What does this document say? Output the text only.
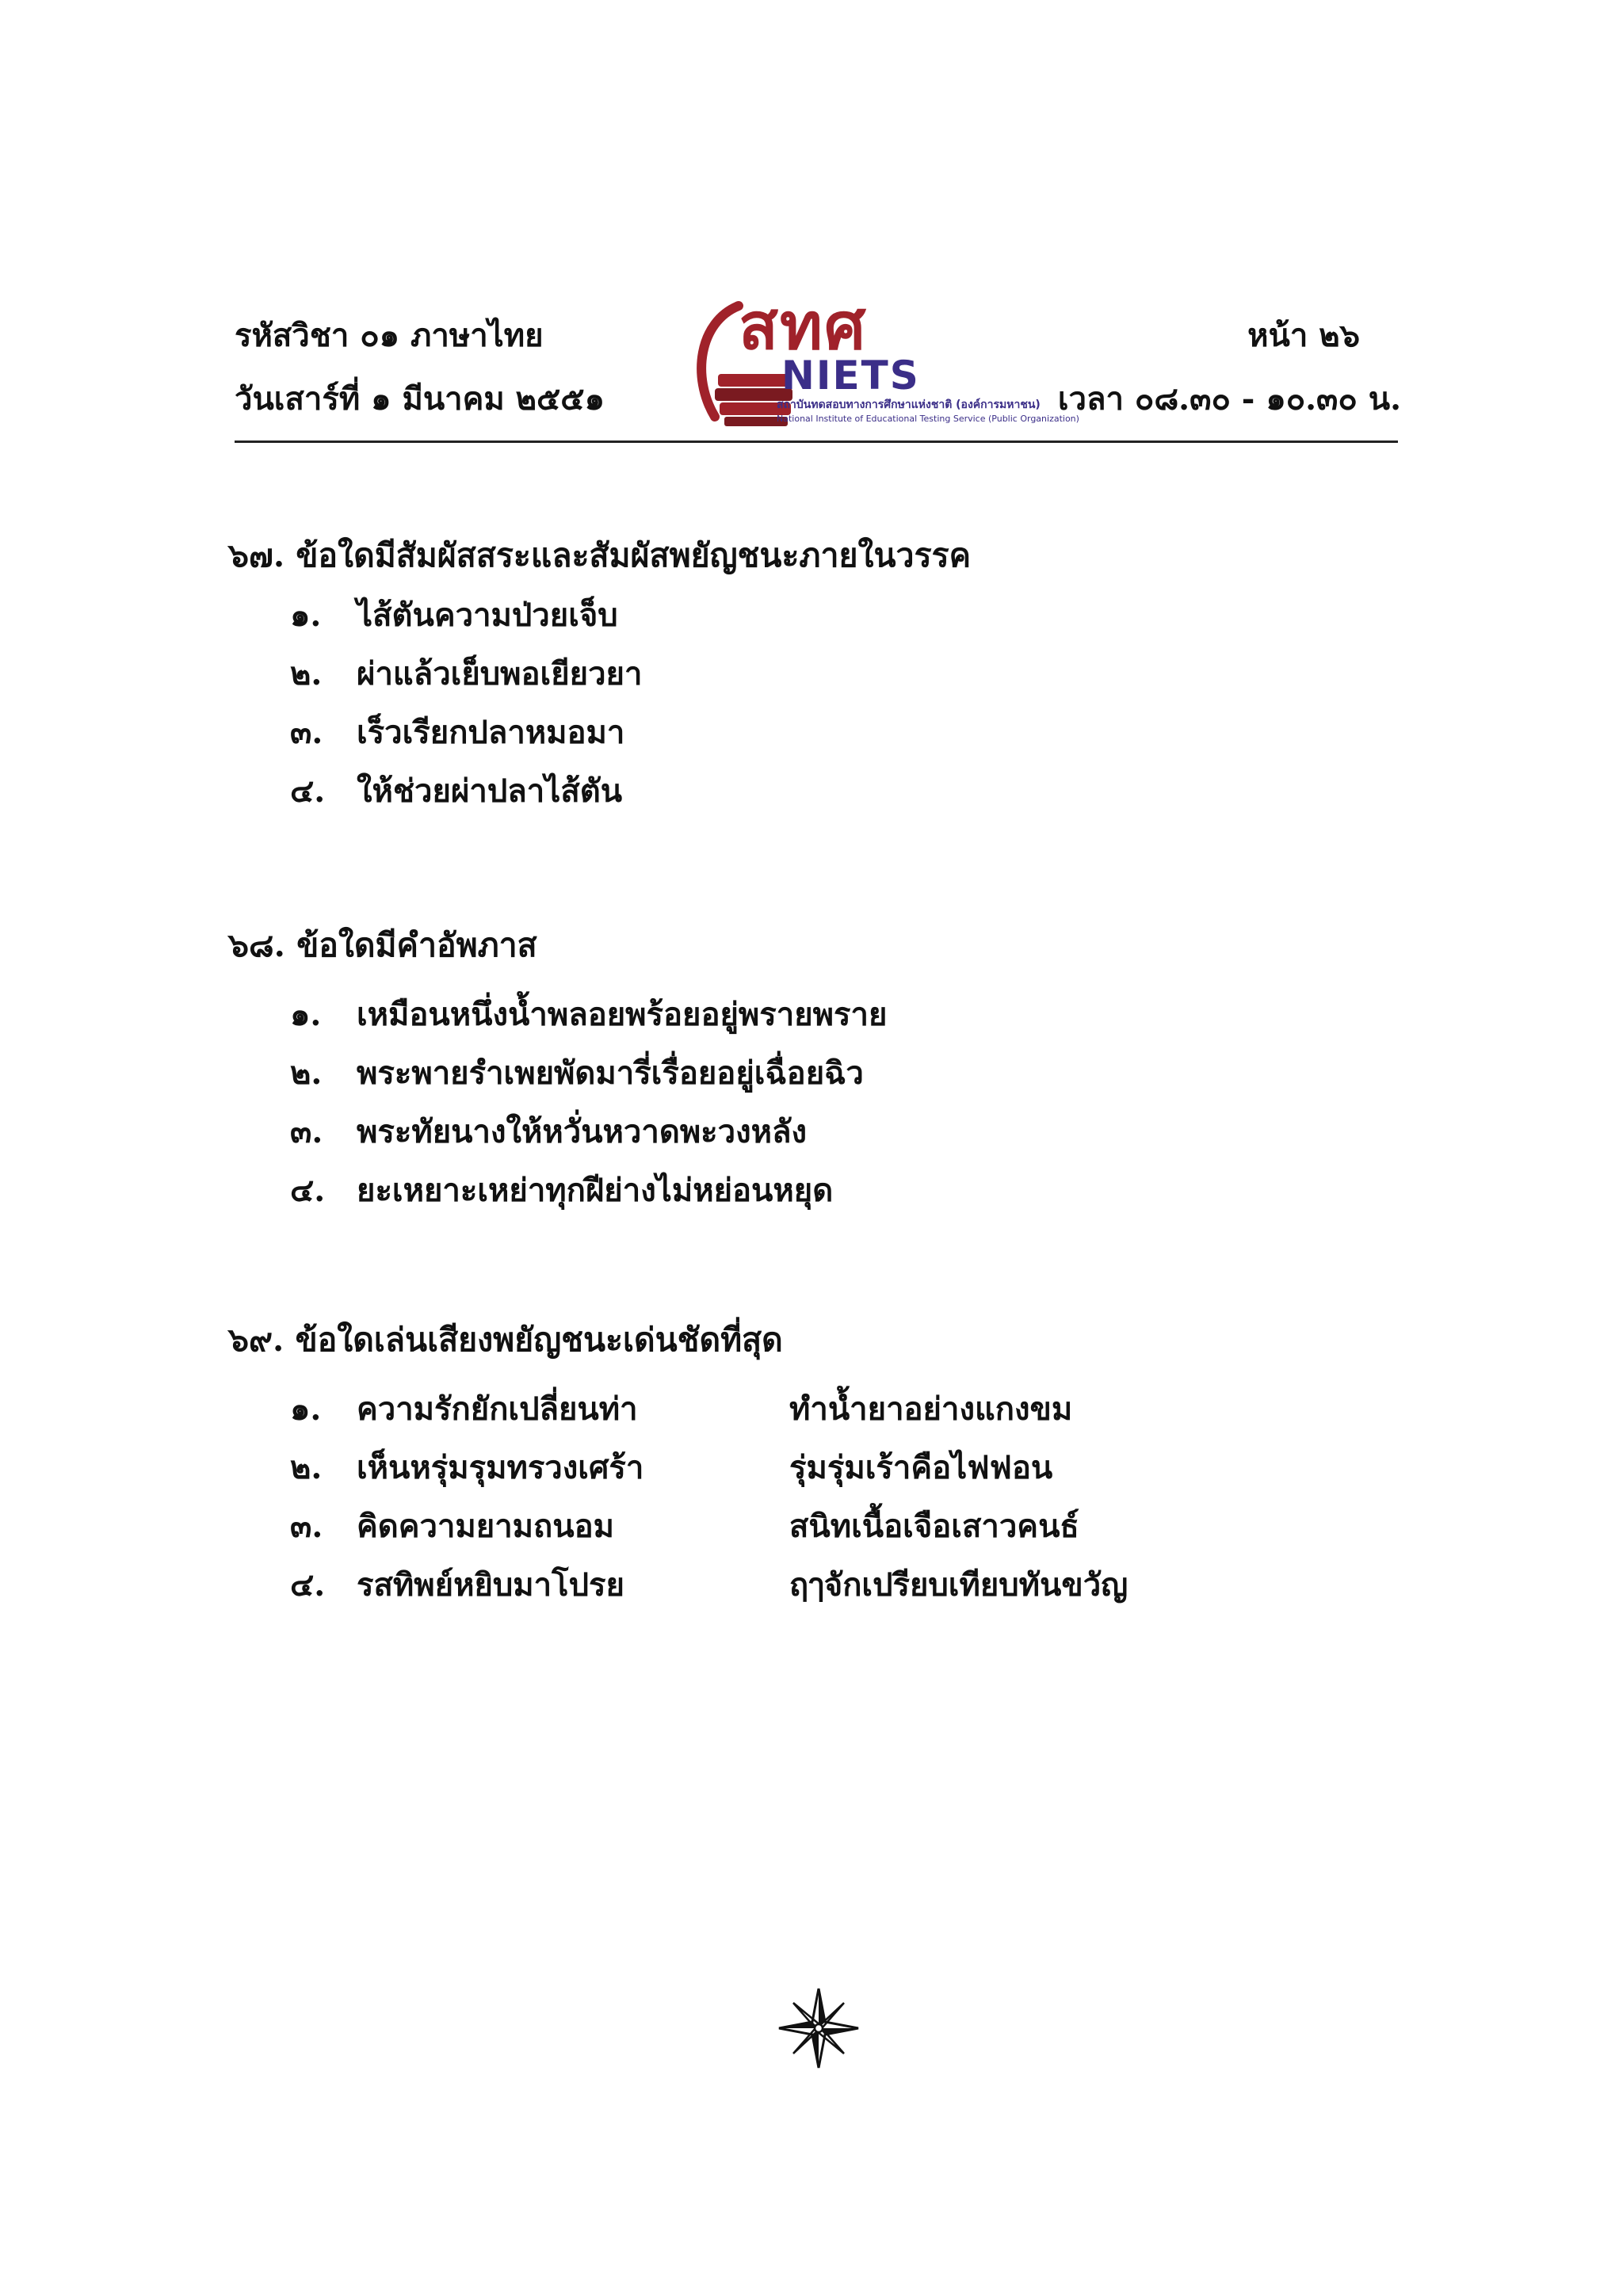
รหัสวิชา ๐๑ ภาษาไทย
วันเสาร์ที่ ๑ มีนาคม ๒๕๕๑
หน้า ๒๖
เวลา ๐๘.๓๐ - ๑๐.๓๐ น.
สทศ
NIETS
สถาบันทดสอบทางการศึกษาแห่งชาติ (องค์การมหาชน)
National Institute of Educational Testing Service (Public Organization)
๖๗. ข้อใดมีสัมผัสสระและสัมผัสพยัญชนะภายในวรรค
๑. ไส้ตันความป่วยเจ็บ
๒. ผ่าแล้วเย็บพอเยียวยา
๓. เร็วเรียกปลาหมอมา
๔. ให้ช่วยผ่าปลาไส้ตัน
๖๘. ข้อใดมีคำอัพภาส
๑. เหมือนหนึ่งน้ำพลอยพร้อยอยู่พรายพราย
๒. พระพายรำเพยพัดมารี่เรื่อยอยู่เฉื่อยฉิว
๓. พระทัยนางให้หวั่นหวาดพะวงหลัง
๔. ยะเหยาะเหย่าทุกฝีย่างไม่หย่อนหยุด
๖๙. ข้อใดเล่นเสียงพยัญชนะเด่นชัดที่สุด
๑. ความรักยักเปลี่ยนท่า	ทำน้ำยาอย่างแกงขม
๒. เห็นหรุ่มรุมทรวงเศร้า	รุ่มรุ่มเร้าคือไฟฟอน
๓. คิดความยามถนอม	สนิทเนื้อเจือเสาวคนธ์
๔. รสทิพย์หยิบมาโปรย	ฤๅจักเปรียบเทียบทันขวัญ
